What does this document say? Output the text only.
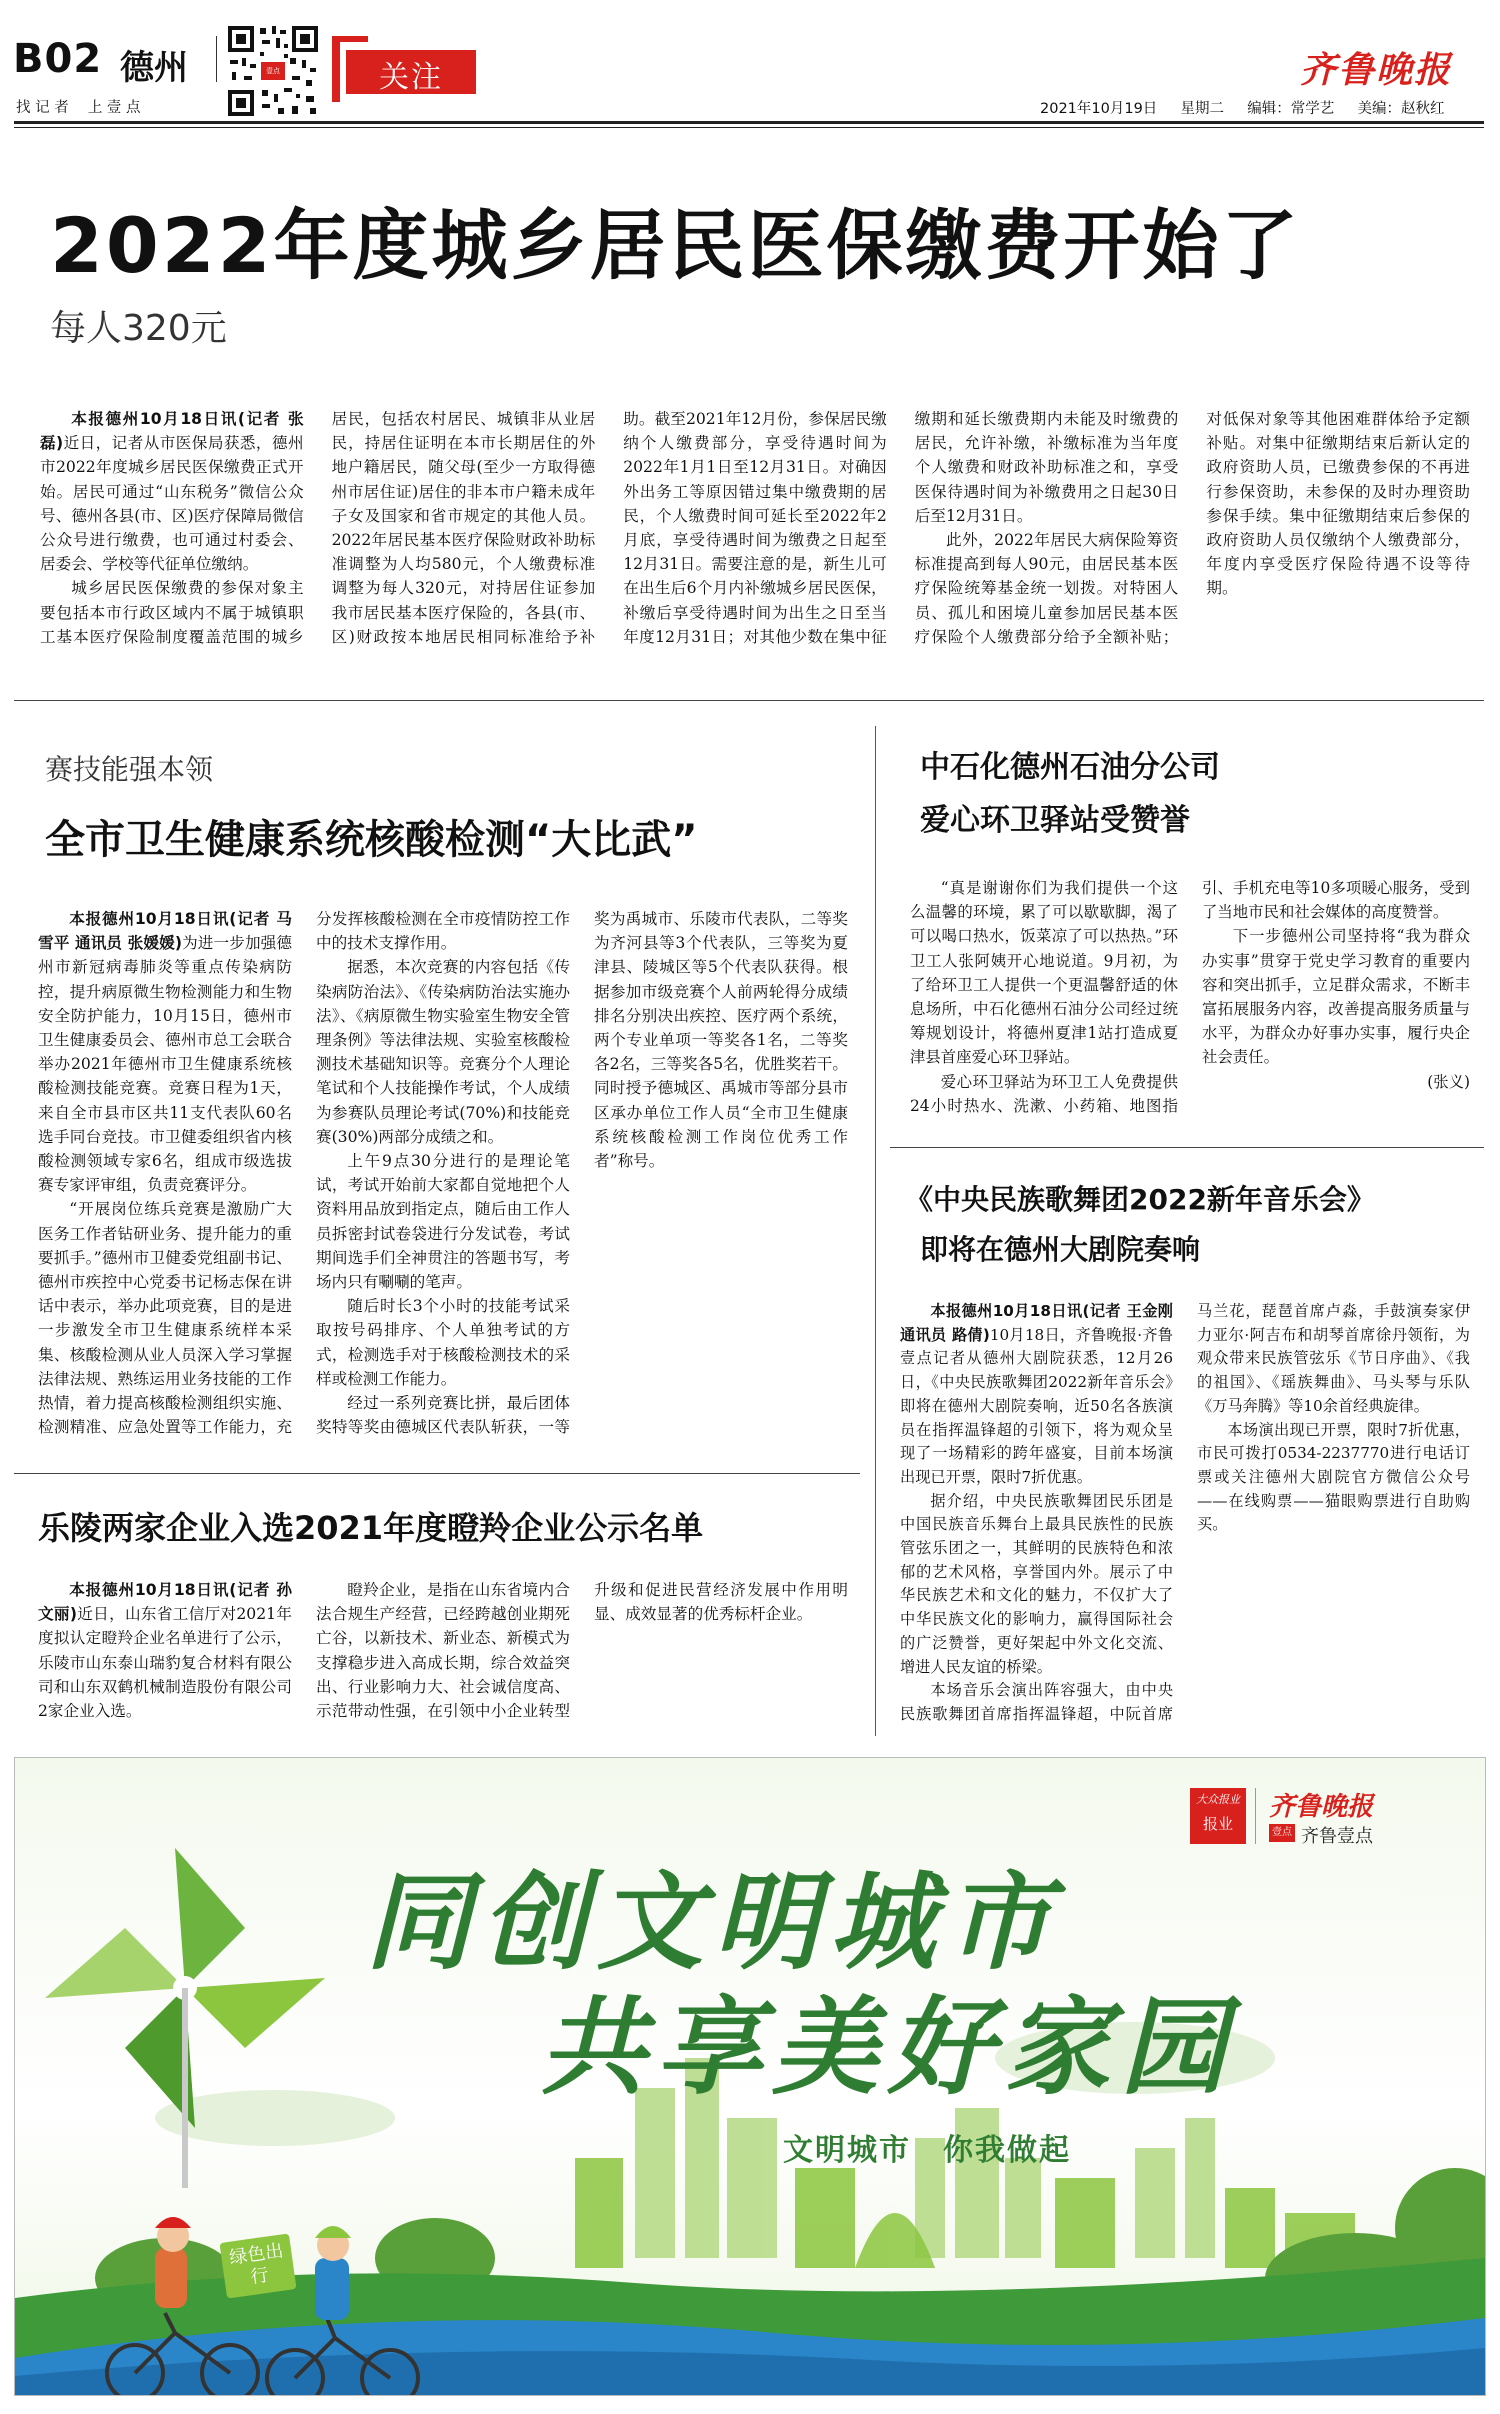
B02 德州
找 记 者　 上 壹 点
壹点	关注	齐鲁晚报
2021年10月19日 星期二 编辑：常学艺 美编：赵秋红
2022年度城乡居民医保缴费开始了
每人320元

本报德州10月18日讯(记者 张磊)近日，记者从市医保局获悉，德州市2022年度城乡居民医保缴费正式开始。居民可通过“山东税务”微信公众号、德州各县(市、区)医疗保障局微信公众号进行缴费，也可通过村委会、居委会、学校等代征单位缴纳。

城乡居民医保缴费的参保对象主要包括本市行政区域内不属于城镇职工基本医疗保险制度覆盖范围的城乡居民，包括农村居民、城镇非从业居民，持居住证明在本市长期居住的外地户籍居民，随父母(至少一方取得德州市居住证)居住的非本市户籍未成年子女及国家和省市规定的其他人员。2022年居民基本医疗保险财政补助标准调整为人均580元，个人缴费标准调整为每人320元，对持居住证参加我市居民基本医疗保险的，各县(市、区)财政按本地居民相同标准给予补助。截至2021年12月份，参保居民缴纳个人缴费部分，享受待遇时间为2022年1月1日至12月31日。对确因外出务工等原因错过集中缴费期的居民，个人缴费时间可延长至2022年2月底，享受待遇时间为缴费之日起至12月31日。需要注意的是，新生儿可在出生后6个月内补缴城乡居民医保，补缴后享受待遇时间为出生之日至当年度12月31日；对其他少数在集中征缴期和延长缴费期内未能及时缴费的居民，允许补缴，补缴标准为当年度个人缴费和财政补助标准之和，享受医保待遇时间为补缴费用之日起30日后至12月31日。

此外，2022年居民大病保险筹资标准提高到每人90元，由居民基本医疗保险统筹基金统一划拨。对特困人员、孤儿和困境儿童参加居民基本医疗保险个人缴费部分给予全额补贴；对低保对象等其他困难群体给予定额补贴。对集中征缴期结束后新认定的政府资助人员，已缴费参保的不再进行参保资助，未参保的及时办理资助参保手续。集中征缴期结束后参保的政府资助人员仅缴纳个人缴费部分，年度内享受医疗保险待遇不设等待期。

赛技能强本领
全市卫生健康系统核酸检测“大比武”

本报德州10月18日讯(记者 马雪平 通讯员 张媛媛)为进一步加强德州市新冠病毒肺炎等重点传染病防控，提升病原微生物检测能力和生物安全防护能力，10月15日，德州市卫生健康委员会、德州市总工会联合举办2021年德州市卫生健康系统核酸检测技能竞赛。竞赛日程为1天，来自全市县市区共11支代表队60名选手同台竞技。市卫健委组织省内核酸检测领域专家6名，组成市级选拔赛专家评审组，负责竞赛评分。

“开展岗位练兵竞赛是激励广大医务工作者钻研业务、提升能力的重要抓手。”德州市卫健委党组副书记、德州市疾控中心党委书记杨志保在讲话中表示，举办此项竞赛，目的是进一步激发全市卫生健康系统样本采集、核酸检测从业人员深入学习掌握法律法规、熟练运用业务技能的工作热情，着力提高核酸检测组织实施、检测精准、应急处置等工作能力，充分发挥核酸检测在全市疫情防控工作中的技术支撑作用。

据悉，本次竞赛的内容包括《传染病防治法》、《传染病防治法实施办法》、《病原微生物实验室生物安全管理条例》等法律法规、实验室核酸检测技术基础知识等。竞赛分个人理论笔试和个人技能操作考试，个人成绩为参赛队员理论考试(70%)和技能竞赛(30%)两部分成绩之和。

上午9点30分进行的是理论笔试，考试开始前大家都自觉地把个人资料用品放到指定点，随后由工作人员拆密封试卷袋进行分发试卷，考试期间选手们全神贯注的答题书写，考场内只有唰唰的笔声。

随后时长3个小时的技能考试采取按号码排序、个人单独考试的方式，检测选手对于核酸检测技术的采样或检测工作能力。

经过一系列竞赛比拼，最后团体奖特等奖由德城区代表队斩获，一等奖为禹城市、乐陵市代表队，二等奖为齐河县等3个代表队，三等奖为夏津县、陵城区等5个代表队获得。根据参加市级竞赛个人前两轮得分成绩排名分别决出疾控、医疗两个系统，两个专业单项一等奖各1名，二等奖各2名，三等奖各5名，优胜奖若干。同时授予德城区、禹城市等部分县市区承办单位工作人员“全市卫生健康系统核酸检测工作岗位优秀工作者”称号。

乐陵两家企业入选2021年度瞪羚企业公示名单

本报德州10月18日讯(记者 孙文丽)近日，山东省工信厅对2021年度拟认定瞪羚企业名单进行了公示，乐陵市山东泰山瑞豹复合材料有限公司和山东双鹤机械制造股份有限公司2家企业入选。

瞪羚企业，是指在山东省境内合法合规生产经营，已经跨越创业期死亡谷，以新技术、新业态、新模式为支撑稳步进入高成长期，综合效益突出、行业影响力大、社会诚信度高、示范带动性强，在引领中小企业转型升级和促进民营经济发展中作用明显、成效显著的优秀标杆企业。

中石化德州石油分公司
爱心环卫驿站受赞誉

“真是谢谢你们为我们提供一个这么温馨的环境，累了可以歇歇脚，渴了可以喝口热水，饭菜凉了可以热热。”环卫工人张阿姨开心地说道。9月初，为了给环卫工人提供一个更温馨舒适的休息场所，中石化德州石油分公司经过统筹规划设计，将德州夏津1站打造成夏津县首座爱心环卫驿站。

爱心环卫驿站为环卫工人免费提供24小时热水、洗漱、小药箱、地图指引、手机充电等10多项暖心服务，受到了当地市民和社会媒体的高度赞誉。

下一步德州公司坚持将“我为群众办实事”贯穿于党史学习教育的重要内容和突出抓手，立足群众需求，不断丰富拓展服务内容，改善提高服务质量与水平，为群众办好事办实事，履行央企社会责任。

(张义)

《中央民族歌舞团2022新年音乐会》
即将在德州大剧院奏响

本报德州10月18日讯(记者 王金刚 通讯员 路倩)10月18日，齐鲁晚报·齐鲁壹点记者从德州大剧院获悉，12月26日，《中央民族歌舞团2022新年音乐会》即将在德州大剧院奏响，近50名各族演员在指挥温锋超的引领下，将为观众呈现了一场精彩的跨年盛宴，目前本场演出现已开票，限时7折优惠。

据介绍，中央民族歌舞团民乐团是中国民族音乐舞台上最具民族性的民族管弦乐团之一，其鲜明的民族特色和浓郁的艺术风格，享誉国内外。展示了中华民族艺术和文化的魅力，不仅扩大了中华民族文化的影响力，赢得国际社会的广泛赞誉，更好架起中外文化交流、增进人民友谊的桥梁。

本场音乐会演出阵容强大，由中央民族歌舞团首席指挥温锋超，中阮首席马兰花，琵琶首席卢淼，手鼓演奏家伊力亚尔·阿吉布和胡琴首席徐丹领衔，为观众带来民族管弦乐《节日序曲》、《我的祖国》、《瑶族舞曲》、马头琴与乐队《万马奔腾》等10余首经典旋律。

本场演出现已开票，限时7折优惠，市民可拨打0534-2237770进行电话订票或关注德州大剧院官方微信公众号——在线购票——猫眼购票进行自助购买。

同创文明城市
共享美好家园
文明城市　你我做起
绿色出行
大众报业
报业
齐鲁晚报
壹点 齐鲁壹点
